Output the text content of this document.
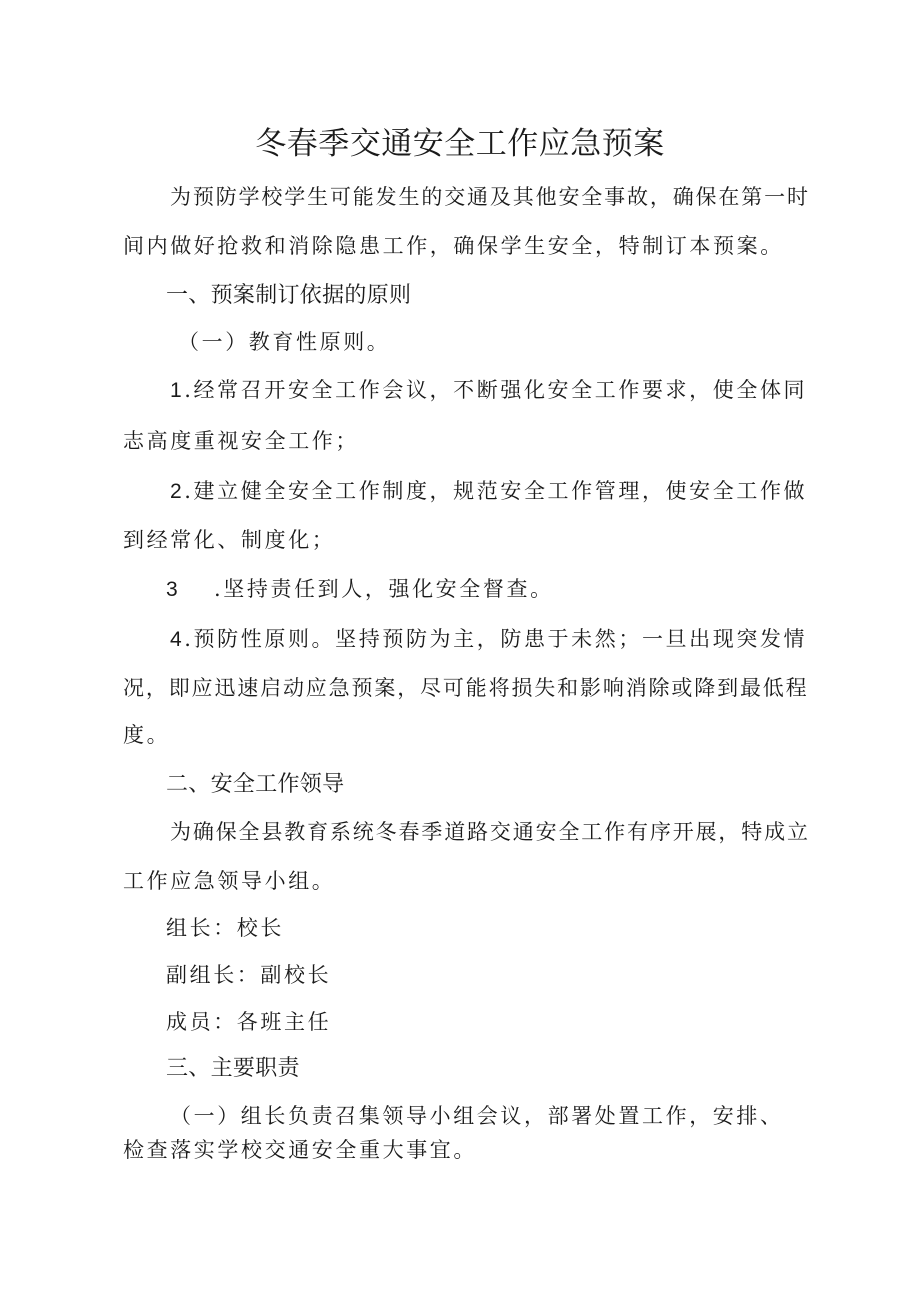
冬春季交通安全工作应急预案
为预防学校学生可能发生的交通及其他安全事故，确保在第一时
间内做好抢救和消除隐患工作，确保学生安全，特制订本预案。
一、预案制订依据的原则
（一）教育性原则。
1.经常召开安全工作会议，不断强化安全工作要求，使全体同
志高度重视安全工作；
2.建立健全安全工作制度，规范安全工作管理，使安全工作做
到经常化、制度化；
3 .坚持责任到人，强化安全督查。
4.预防性原则。坚持预防为主，防患于未然；一旦出现突发情
况，即应迅速启动应急预案，尽可能将损失和影响消除或降到最低程
度。
二、安全工作领导
为确保全县教育系统冬春季道路交通安全工作有序开展，特成立
工作应急领导小组。
组长：校长
副组长：副校长
成员：各班主任
三、主要职责
（一）组长负责召集领导小组会议，部署处置工作，安排、
检查落实学校交通安全重大事宜。
